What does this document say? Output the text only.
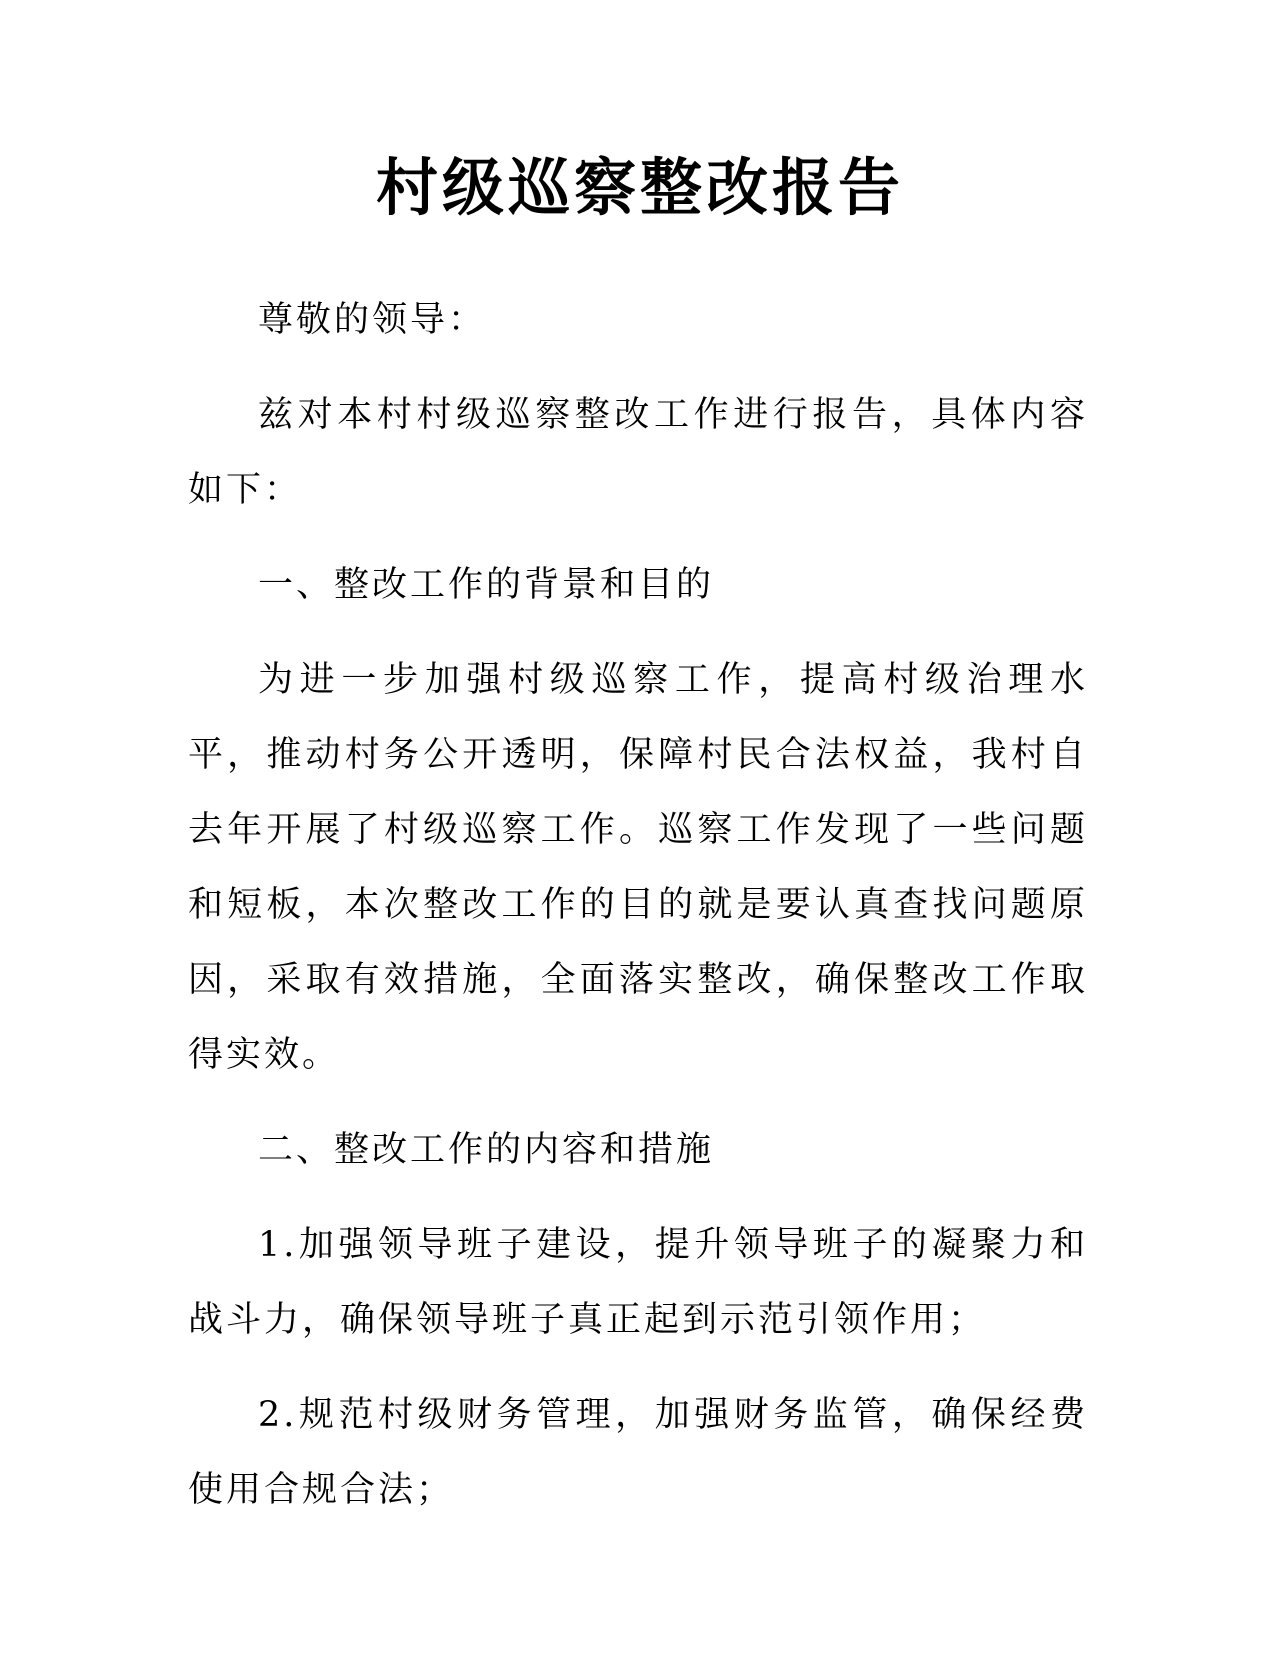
村级巡察整改报告

尊敬的领导：

兹对本村村级巡察整改工作进行报告，具体内容如下：

一、整改工作的背景和目的

为进一步加强村级巡察工作，提高村级治理水平，推动村务公开透明，保障村民合法权益，我村自去年开展了村级巡察工作。巡察工作发现了一些问题和短板，本次整改工作的目的就是要认真查找问题原因，采取有效措施，全面落实整改，确保整改工作取得实效。

二、整改工作的内容和措施

1.加强领导班子建设，提升领导班子的凝聚力和战斗力，确保领导班子真正起到示范引领作用；

2.规范村级财务管理，加强财务监管，确保经费使用合规合法；
